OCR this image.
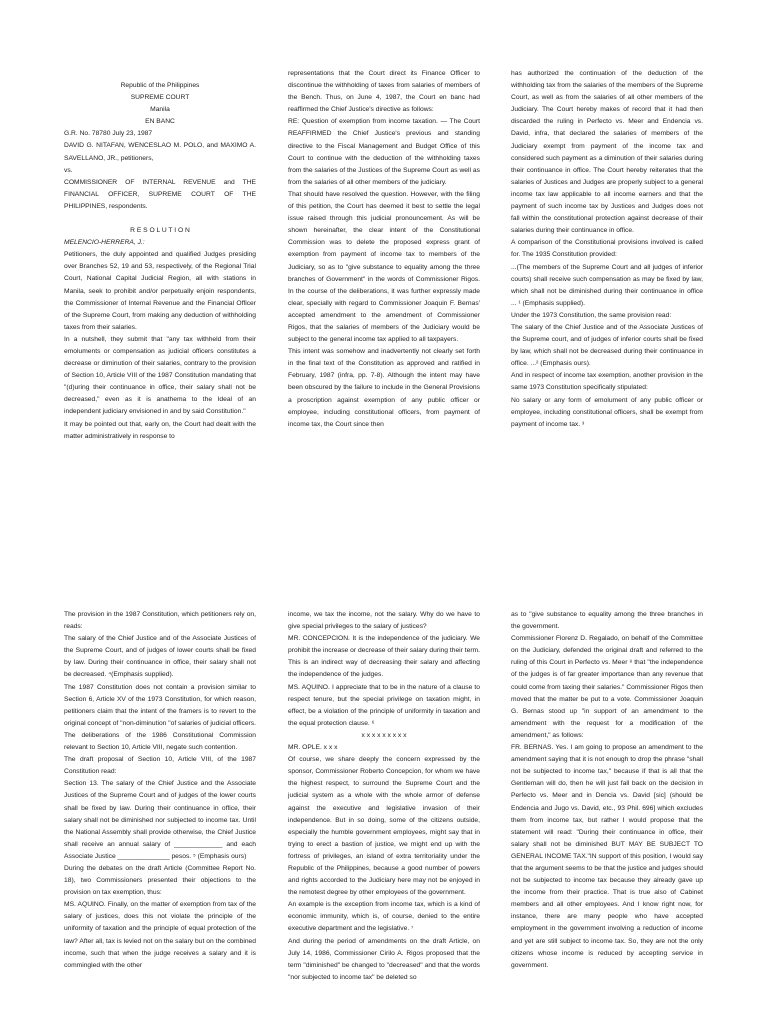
Republic of the Philippines

SUPREME COURT

Manila

EN BANC

G.R. No. 78780 July 23, 1987

DAVID G. NITAFAN, WENCESLAO M. POLO, and MAXIMO A. SAVELLANO, JR., petitioners,

vs.

COMMISSIONER OF INTERNAL REVENUE and THE FINANCIAL OFFICER, SUPREME COURT OF THE PHILIPPINES, respondents.

R E S O L U T I O N

MELENCIO-HERRERA, J.:

Petitioners, the duly appointed and qualified Judges presiding over Branches 52, 19 and 53, respectively, of the Regional Trial Court, National Capital Judicial Region, all with stations in Manila, seek to prohibit and/or perpetually enjoin respondents, the Commissioner of Internal Revenue and the Financial Officer of the Supreme Court, from making any deduction of withholding taxes from their salaries.

In a nutshell, they submit that "any tax withheld from their emoluments or compensation as judicial officers constitutes a decrease or diminution of their salaries, contrary to the provision of Section 10, Article VIII of the 1987 Constitution mandating that "(d)uring their continuance in office, their salary shall not be decreased," even as it is anathema to the Ideal of an independent judiciary envisioned in and by said Constitution."

It may be pointed out that, early on, the Court had dealt with the matter administratively in response to

representations that the Court direct its Finance Officer to discontinue the withholding of taxes from salaries of members of the Bench. Thus, on June 4, 1987, the Court en banc had reaffirmed the Chief Justice's directive as follows:

RE: Question of exemption from income taxation. — The Court REAFFIRMED the Chief Justice's previous and standing directive to the Fiscal Management and Budget Office of this Court to continue with the deduction of the withholding taxes from the salaries of the Justices of the Supreme Court as well as from the salaries of all other members of the judiciary.

That should have resolved the question. However, with the filing of this petition, the Court has deemed it best to settle the legal issue raised through this judicial pronouncement. As will be shown hereinafter, the clear intent of the Constitutional Commission was to delete the proposed express grant of exemption from payment of income tax to members of the Judiciary, so as to "give substance to equality among the three branches of Government" in the words of Commissioner Rigos. In the course of the deliberations, it was further expressly made clear, specially with regard to Commissioner Joaquin F. Bernas' accepted amendment to the amendment of Commissioner Rigos, that the salaries of members of the Judiciary would be subject to the general income tax applied to all taxpayers.

This intent was somehow and inadvertently not clearly set forth in the final text of the Constitution as approved and ratified in February, 1987 (infra, pp. 7-8). Although the intent may have been obscured by the failure to include in the General Provisions a proscription against exemption of any public officer or employee, including constitutional officers, from payment of income tax, the Court since then

has authorized the continuation of the deduction of the withholding tax from the salaries of the members of the Supreme Court, as well as from the salaries of all other members of the Judiciary. The Court hereby makes of record that it had then discarded the ruling in Perfecto vs. Meer and Endencia vs. David, infra, that declared the salaries of members of the Judiciary exempt from payment of the income tax and considered such payment as a diminution of their salaries during their continuance in office. The Court hereby reiterates that the salaries of Justices and Judges are properly subject to a general income tax law applicable to all income earners and that the payment of such income tax by Justices and Judges does not fall within the constitutional protection against decrease of their salaries during their continuance in office.

A comparison of the Constitutional provisions involved is called for. The 1935 Constitution provided:

...(The members of the Supreme Court and all judges of inferior courts) shall receive such compensation as may be fixed by law, which shall not be diminished during their continuance in office ... ¹ (Emphasis supplied).

Under the 1973 Constitution, the same provision read:

The salary of the Chief Justice and of the Associate Justices of the Supreme court, and of judges of inferior courts shall be fixed by law, which shall not be decreased during their continuance in office. ...² (Emphasis ours).

And in respect of income tax exemption, another provision in the same 1973 Constitution specifically stipulated:

No salary or any form of emolument of any public officer or employee, including constitutional officers, shall be exempt from payment of income tax. ³

The provision in the 1987 Constitution, which petitioners rely on, reads:

The salary of the Chief Justice and of the Associate Justices of the Supreme Court, and of judges of lower courts shall be fixed by law. During their continuance in office, their salary shall not be decreased. ⁴(Emphasis supplied).

The 1987 Constitution does not contain a provision similar to Section 6, Article XV of the 1973 Constitution, for which reason, petitioners claim that the intent of the framers is to revert to the original concept of "non-diminution "of salaries of judicial officers.

The deliberations of the 1986 Constitutional Commission relevant to Section 10, Article VIII, negate such contention.

The draft proposal of Section 10, Article VIII, of the 1987 Constitution read:

Section 13. The salary of the Chief Justice and the Associate Justices of the Supreme Court and of judges of the lower courts shall be fixed by law. During their continuance in office, their salary shall not be diminished nor subjected to income tax. Until the National Assembly shall provide otherwise, the Chief Justice shall receive an annual salary of _____________ and each Associate Justice ______________ pesos. ⁵ (Emphasis ours)

During the debates on the draft Article (Committee Report No. 18), two Commissioners presented their objections to the provision on tax exemption, thus:

MS. AQUINO. Finally, on the matter of exemption from tax of the salary of justices, does this not violate the principle of the uniformity of taxation and the principle of equal protection of the law? After all, tax is levied not on the salary but on the combined income, such that when the judge receives a salary and it is commingled with the other

income, we tax the income, not the salary. Why do we have to give special privileges to the salary of justices?

MR. CONCEPCION. It is the independence of the judiciary. We prohibit the increase or decrease of their salary during their term. This is an indirect way of decreasing their salary and affecting the independence of the judges.

MS. AQUINO. I appreciate that to be in the nature of a clause to respect tenure, but the special privilege on taxation might, in effect, be a violation of the principle of uniformity in taxation and the equal protection clause. ⁶

x x x x x x x x x

MR. OPLE. x x x

Of course, we share deeply the concern expressed by the sponsor, Commissioner Roberto Concepcion, for whom we have the highest respect, to surround the Supreme Court and the judicial system as a whole with the whole armor of defense against the executive and legislative invasion of their independence. But in so doing, some of the citizens outside, especially the humble government employees, might say that in trying to erect a bastion of justice, we might end up with the fortress of privileges, an island of extra territoriality under the Republic of the Philippines, because a good number of powers and rights accorded to the Judiciary here may not be enjoyed in the remotest degree by other employees of the government.

An example is the exception from income tax, which is a kind of economic immunity, which is, of course, denied to the entire executive department and the legislative. ⁷

And during the period of amendments on the draft Article, on July 14, 1986, Commissioner Cirilo A. Rigos proposed that the term "diminished" be changed to "decreased" and that the words "nor subjected to income tax" be deleted so

as to "give substance to equality among the three branches in the government.

Commissioner Florenz D. Regalado, on behalf of the Committee on the Judiciary, defended the original draft and referred to the ruling of this Court in Perfecto vs. Meer ⁸ that "the independence of the judges is of far greater importance than any revenue that could come from taxing their salaries." Commissioner Rigos then moved that the matter be put to a vote. Commissioner Joaquin G. Bernas stood up "in support of an amendment to the amendment with the request for a modification of the amendment," as follows:

FR. BERNAS. Yes. I am going to propose an amendment to the amendment saying that it is not enough to drop the phrase "shall not be subjected to income tax," because if that is all that the Gentleman will do, then he will just fall back on the decision in Perfecto vs. Meer and in Dencia vs. David [sic] (should be Endencia and Jugo vs. David, etc., 93 Phil. 696] which excludes them from income tax, but rather I would propose that the statement will read: "During their continuance in office, their salary shall not be diminished BUT MAY BE SUBJECT TO GENERAL INCOME TAX."IN support of this position, I would say that the argument seems to be that the justice and judges should not be subjected to income tax because they already gave up the income from their practice. That is true also of Cabinet members and all other employees. And I know right now, for instance, there are many people who have accepted employment in the government involving a reduction of income and yet are still subject to income tax. So, they are not the only citizens whose income is reduced by accepting service in government.
